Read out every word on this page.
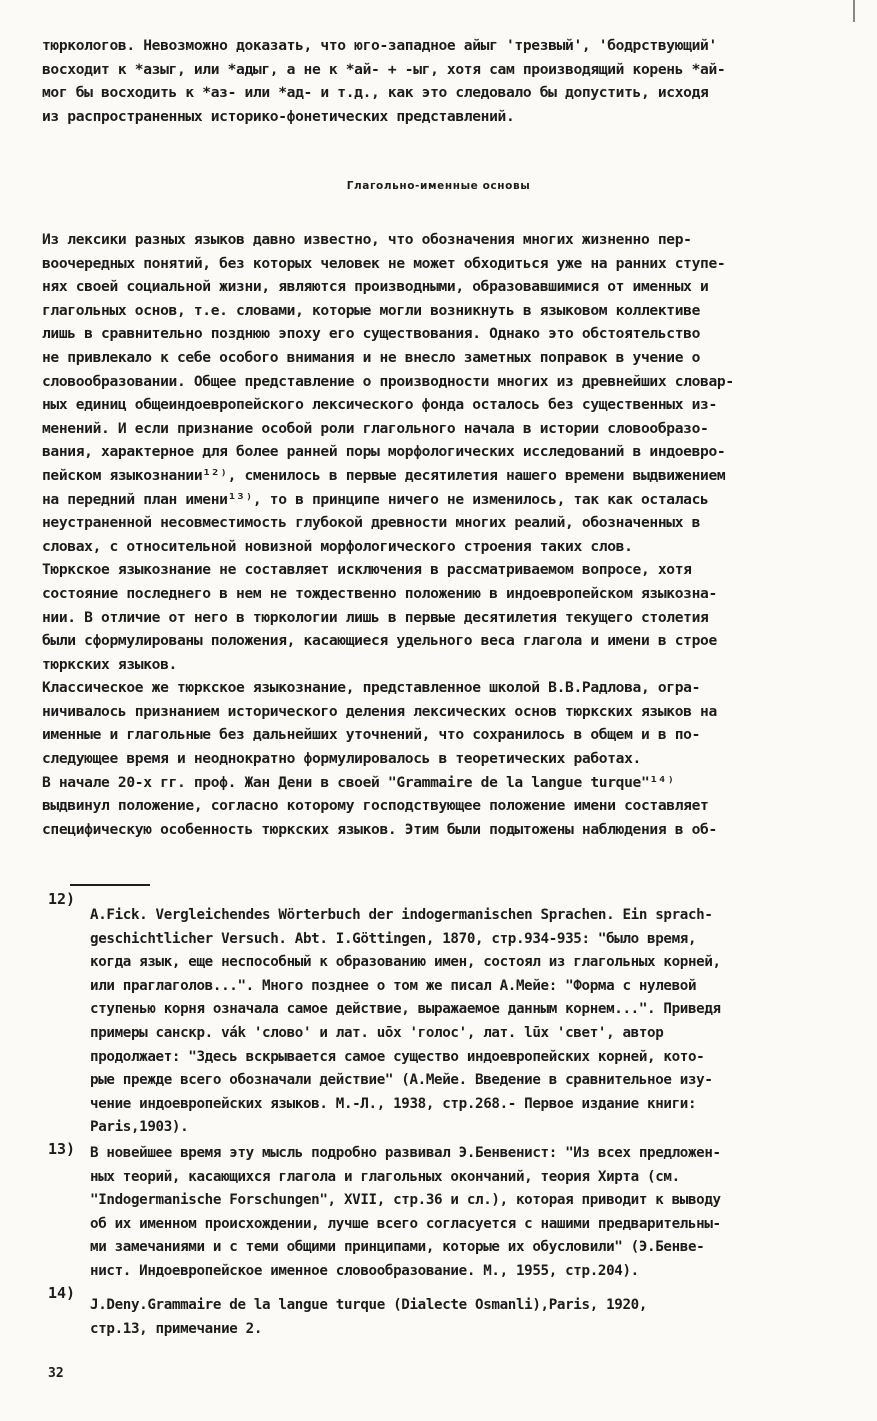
тюркологов. Невозможно доказать, что юго-западное айыг 'трезвый', 'бодрствующий'
восходит к *азыг, или *адыг, а не к *ай- + -ыг, хотя сам производящий корень *ай-
мог бы восходить к *аз- или *ад- и т.д., как это следовало бы допустить, исходя
из распространенных историко-фонетических представлений.
Глагольно-именные основы
Из лексики разных языков давно известно, что обозначения многих жизненно пер-
воочередных понятий, без которых человек не может обходиться уже на ранних ступе-
нях своей социальной жизни, являются производными, образовавшимися от именных и
глагольных основ, т.е. словами, которые могли возникнуть в языковом коллективе
лишь в сравнительно позднюю эпоху его существования. Однако это обстоятельство
не привлекало к себе особого внимания и не внесло заметных поправок в учение о
словообразовании. Общее представление о производности многих из древнейших словар-
ных единиц общеиндоевропейского лексического фонда осталось без существенных из-
менений. И если признание особой роли глагольного начала в истории словообразо-
вания, характерное для более ранней поры морфологических исследований в индоевро-
пейском языкознании¹²⁾, сменилось в первые десятилетия нашего времени выдвижением
на передний план имени¹³⁾, то в принципе ничего не изменилось, так как осталась
неустраненной несовместимость глубокой древности многих реалий, обозначенных в
словах, с относительной новизной морфологического строения таких слов.
Тюркское языкознание не составляет исключения в рассматриваемом вопросе, хотя
состояние последнего в нем не тождественно положению в индоевропейском языкозна-
нии. В отличие от него в тюркологии лишь в первые десятилетия текущего столетия
были сформулированы положения, касающиеся удельного веса глагола и имени в строе
тюркских языков.
Классическое же тюркское языкознание, представленное школой В.В.Радлова, огра-
ничивалось признанием исторического деления лексических основ тюркских языков на
именные и глагольные без дальнейших уточнений, что сохранилось в общем и в по-
следующее время и неоднократно формулировалось в теоретических работах.
В начале 20-х гг. проф. Жан Дени в своей "Grammaire de la langue turque"¹⁴⁾
выдвинул положение, согласно которому господствующее положение имени составляет
специфическую особенность тюркских языков. Этим были подытожены наблюдения в об-
12)
A.Fick. Vergleichendes Wörterbuch der indogermanischen Sprachen. Ein sprach-
geschichtlicher Versuch. Abt. I.Göttingen, 1870, стр.934-935: "было время,
когда язык, еще неспособный к образованию имен, состоял из глагольных корней,
или праглаголов...". Много позднее о том же писал А.Мейе: "Форма с нулевой
ступенью корня означала самое действие, выражаемое данным корнем...". Приведя
примеры санскр. vák 'слово' и лат. uōx 'голос', лат. lūx 'свет', автор
продолжает: "Здесь вскрывается самое существо индоевропейских корней, кото-
рые прежде всего обозначали действие" (А.Мейе. Введение в сравнительное изу-
чение индоевропейских языков. М.-Л., 1938, стр.268.- Первое издание книги:
Paris,1903).
13) В новейшее время эту мысль подробно развивал Э.Бенвенист: "Из всех предложен-
ных теорий, касающихся глагола и глагольных окончаний, теория Хирта (см.
"Indogermanische Forschungen", XVII, стр.36 и сл.), которая приводит к выводу
об их именном происхождении, лучше всего согласуется с нашими предварительны-
ми замечаниями и с теми общими принципами, которые их обусловили" (Э.Бенве-
нист. Индоевропейское именное словообразование. М., 1955, стр.204).
14)
J.Deny.Grammaire de la langue turque (Dialecte Osmanli),Paris, 1920,
стр.13, примечание 2.
32
